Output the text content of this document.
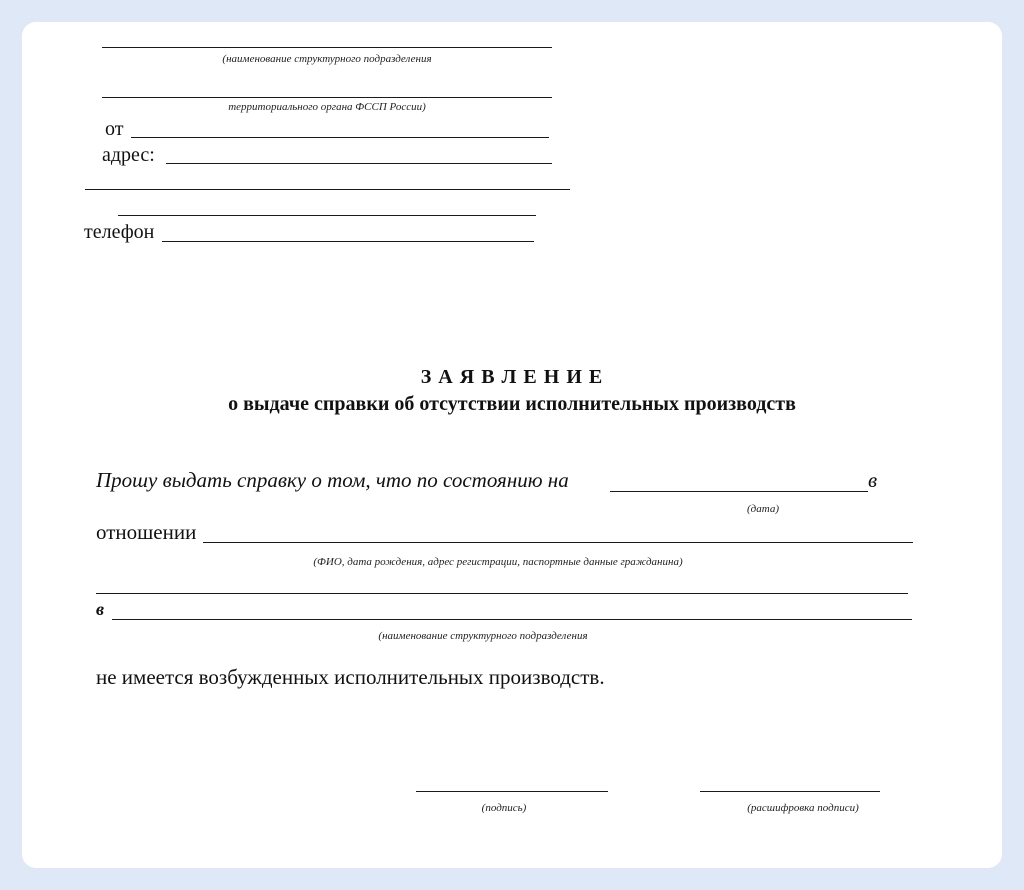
(наименование структурного подразделения
территориального органа ФССП России)
от
адрес:
телефон
З А Я В Л Е Н И Е
о выдаче справки об отсутствии исполнительных производств
Прошу выдать справку о том, что по состоянию на	в
(дата)
отношении
(ФИО, дата рождения, адрес регистрации, паспортные данные гражданина)
в
(наименование структурного подразделения
не имеется возбужденных исполнительных производств.
(подпись)	(расшифровка подписи)
